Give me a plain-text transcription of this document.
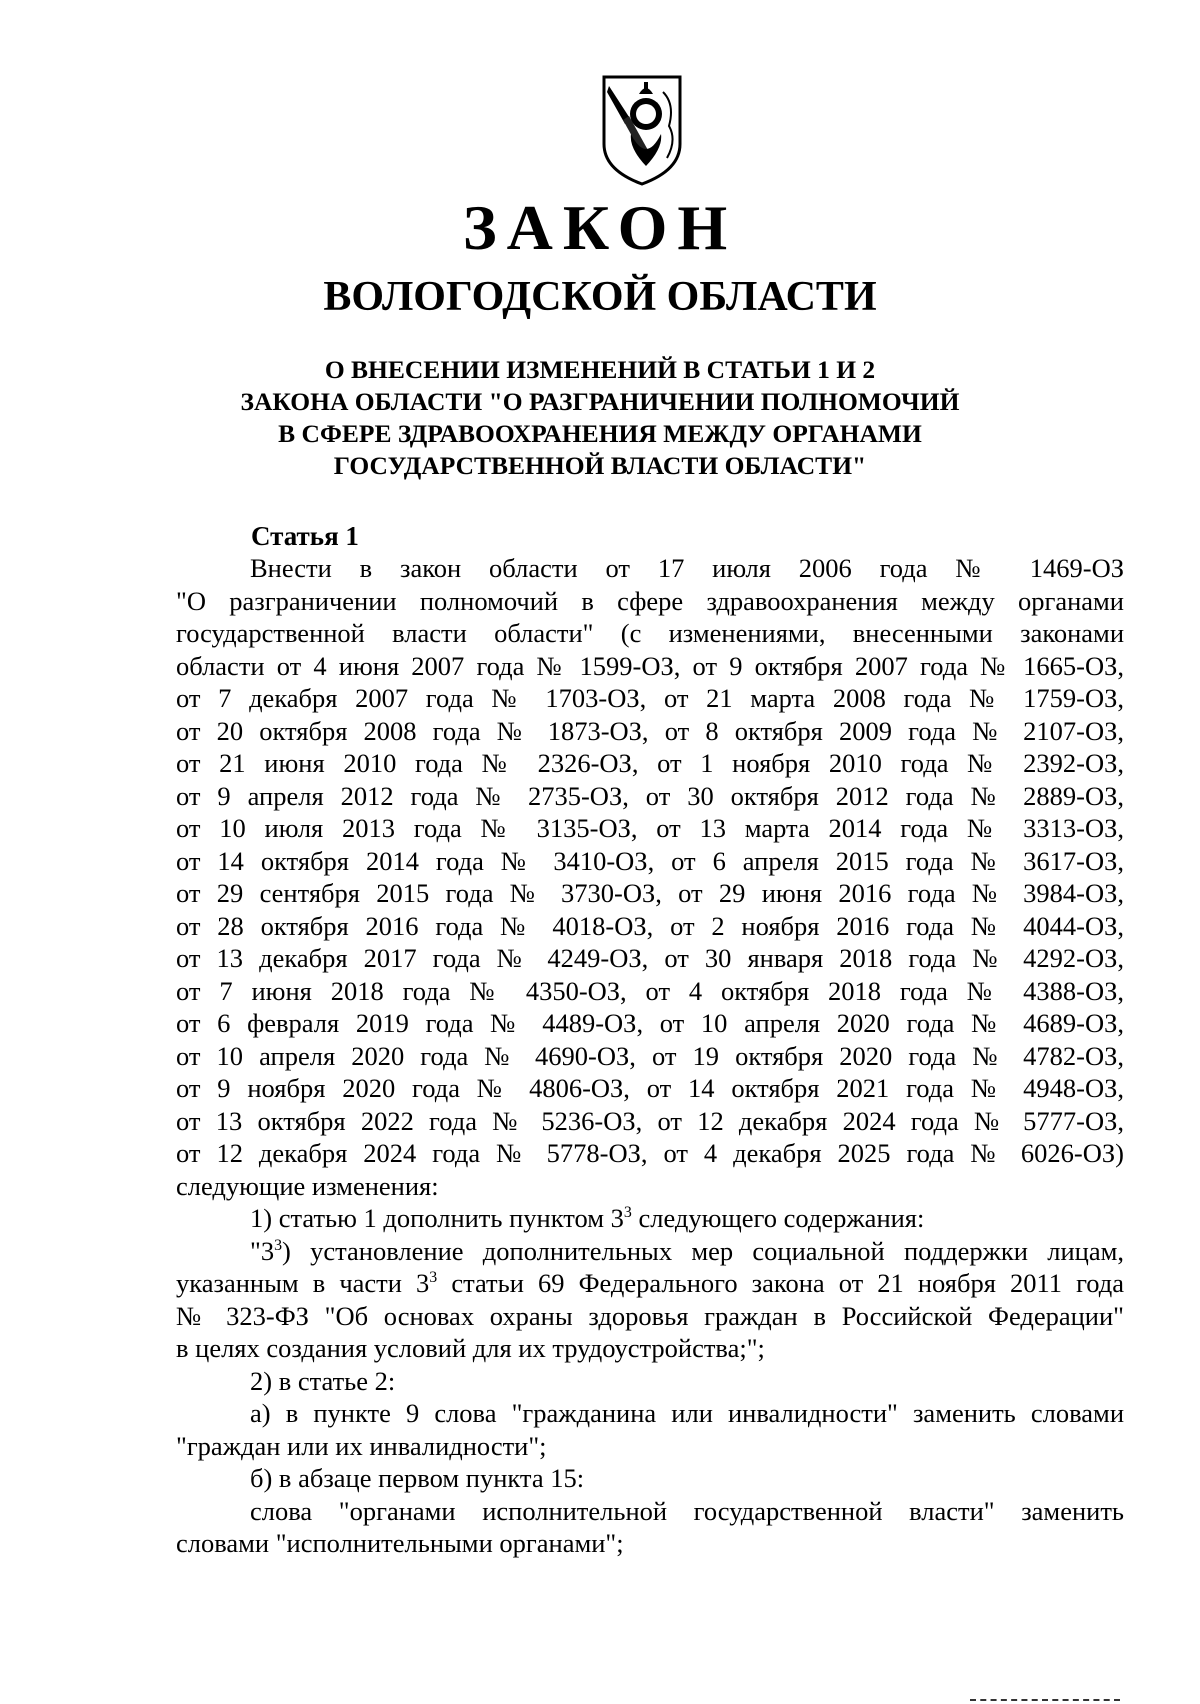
ЗАКОН
ВОЛОГОДСКОЙ ОБЛАСТИ
О ВНЕСЕНИИ ИЗМЕНЕНИЙ В СТАТЬИ 1 И 2
ЗАКОНА ОБЛАСТИ "О РАЗГРАНИЧЕНИИ ПОЛНОМОЧИЙ
В СФЕРЕ ЗДРАВООХРАНЕНИЯ МЕЖДУ ОРГАНАМИ
ГОСУДАРСТВЕННОЙ ВЛАСТИ ОБЛАСТИ"
Статья 1
Внести в закон области от 17 июля 2006 года № 1469-ОЗ
"О разграничении полномочий в сфере здравоохранения между органами
государственной власти области" (с изменениями, внесенными законами
области от 4 июня 2007 года № 1599-ОЗ, от 9 октября 2007 года № 1665-ОЗ,
от 7 декабря 2007 года № 1703-ОЗ, от 21 марта 2008 года № 1759-ОЗ,
от 20 октября 2008 года № 1873-ОЗ, от 8 октября 2009 года № 2107-ОЗ,
от 21 июня 2010 года № 2326-ОЗ, от 1 ноября 2010 года № 2392-ОЗ,
от 9 апреля 2012 года № 2735-ОЗ, от 30 октября 2012 года № 2889-ОЗ,
от 10 июля 2013 года № 3135-ОЗ, от 13 марта 2014 года № 3313-ОЗ,
от 14 октября 2014 года № 3410-ОЗ, от 6 апреля 2015 года № 3617-ОЗ,
от 29 сентября 2015 года № 3730-ОЗ, от 29 июня 2016 года № 3984-ОЗ,
от 28 октября 2016 года № 4018-ОЗ, от 2 ноября 2016 года № 4044-ОЗ,
от 13 декабря 2017 года № 4249-ОЗ, от 30 января 2018 года № 4292-ОЗ,
от 7 июня 2018 года № 4350-ОЗ, от 4 октября 2018 года № 4388-ОЗ,
от 6 февраля 2019 года № 4489-ОЗ, от 10 апреля 2020 года № 4689-ОЗ,
от 10 апреля 2020 года № 4690-ОЗ, от 19 октября 2020 года № 4782-ОЗ,
от 9 ноября 2020 года № 4806-ОЗ, от 14 октября 2021 года № 4948-ОЗ,
от 13 октября 2022 года № 5236-ОЗ, от 12 декабря 2024 года № 5777-ОЗ,
от 12 декабря 2024 года № 5778-ОЗ, от 4 декабря 2025 года № 6026-ОЗ)
следующие изменения:
1) статью 1 дополнить пунктом $3^3$ следующего содержания:
"$3^3$) установление дополнительных мер социальной поддержки лицам,
указанным в части $3^3$ статьи 69 Федерального закона от 21 ноября 2011 года
№ 323-ФЗ "Об основах охраны здоровья граждан в Российской Федерации"
в целях создания условий для их трудоустройства;";
2) в статье 2:
а) в пункте 9 слова "гражданина или инвалидности" заменить словами
"граждан или их инвалидности";
б) в абзаце первом пункта 15:
слова "органами исполнительной государственной власти" заменить
словами "исполнительными органами";
